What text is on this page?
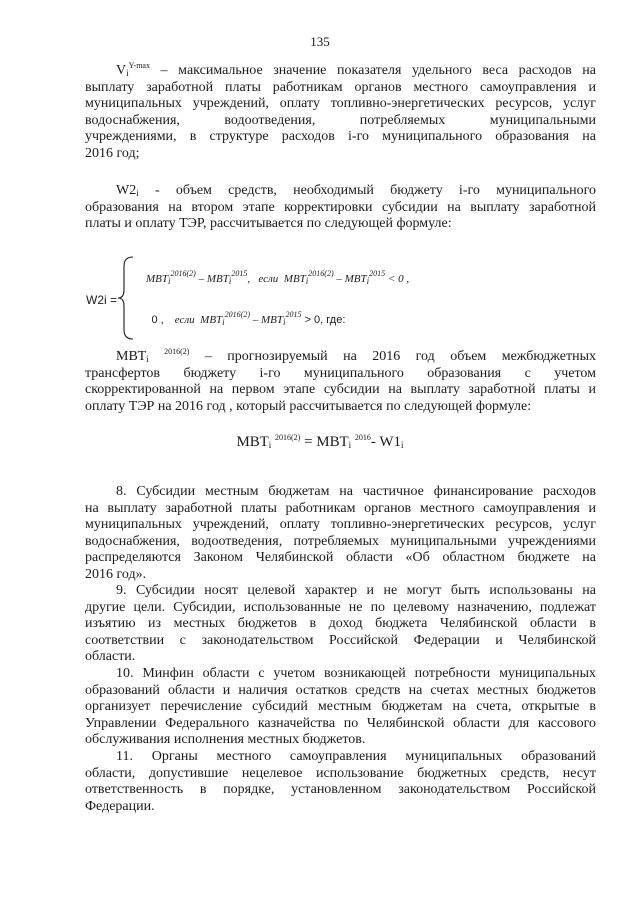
135
$V_i^{Y-max}$ – максимальное значение показателя удельного веса расходов на
выплату заработной платы работникам органов местного самоуправления и
муниципальных учреждений, оплату топливно-энергетических ресурсов, услуг
водоснабжения, водоотведения, потребляемых муниципальными
учреждениями, в структуре расходов i-го муниципального образования на
2016 год;
$W2_i$ - объем средств, необходимый бюджету i-го муниципального
образования на втором этапе корректировки субсидии на выплату заработной
платы и оплату ТЭР, рассчитывается по следующей формуле:
W2i =
$MBT_i^{2016(2)} - MBT_i^{2015}$, если $MBT_i^{2016(2)} - MBT_i^{2015} < 0$ ,
0 , если $MBT_i^{2016(2)} - MBT_i^{2015} > 0$, где:
$МВТ_i$ $^{2016(2)}$ – прогнозируемый на 2016 год объем межбюджетных
трансфертов бюджету i-го муниципального образования с учетом
скорректированной на первом этапе субсидии на выплату заработной платы и
оплату ТЭР на 2016 год , который рассчитывается по следующей формуле:
$МВТ_i$ $^{2016(2)} = МВТ_i$ $^{2016}$- $W1_i$
8. Субсидии местным бюджетам на частичное финансирование расходов
на выплату заработной платы работникам органов местного самоуправления и
муниципальных учреждений, оплату топливно-энергетических ресурсов, услуг
водоснабжения, водоотведения, потребляемых муниципальными учреждениями
распределяются Законом Челябинской области «Об областном бюджете на
2016 год».
9. Субсидии носят целевой характер и не могут быть использованы на
другие цели. Субсидии, использованные не по целевому назначению, подлежат
изъятию из местных бюджетов в доход бюджета Челябинской области в
соответствии с законодательством Российской Федерации и Челябинской
области.
10. Минфин области с учетом возникающей потребности муниципальных
образований области и наличия остатков средств на счетах местных бюджетов
организует перечисление субсидий местным бюджетам на счета, открытые в
Управлении Федерального казначейства по Челябинской области для кассового
обслуживания исполнения местных бюджетов.
11. Органы местного самоуправления муниципальных образований
области, допустившие нецелевое использование бюджетных средств, несут
ответственность в порядке, установленном законодательством Российской
Федерации.
